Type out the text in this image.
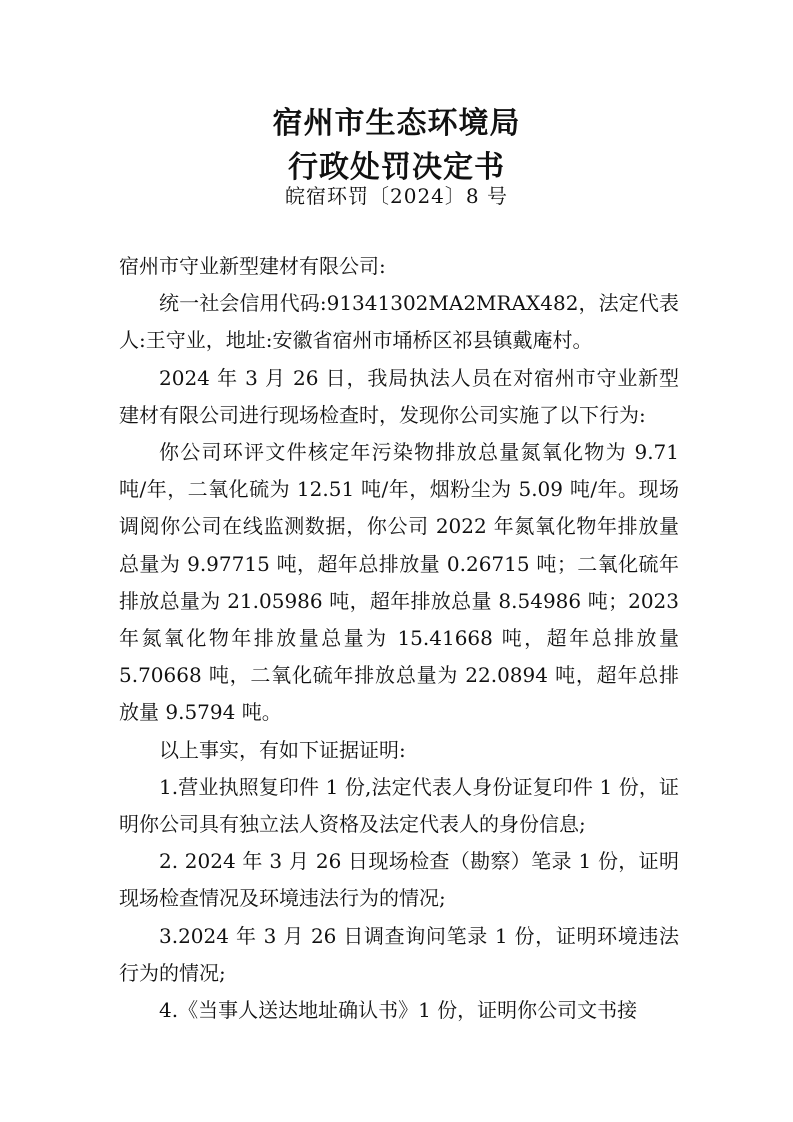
宿州市生态环境局
行政处罚决定书
皖宿环罚〔2024〕8 号

宿州市守业新型建材有限公司:

统一社会信用代码:91341302MA2MRAX482，法定代表人:王守业，地址:安徽省宿州市埇桥区祁县镇戴庵村。

2024 年 3 月 26 日，我局执法人员在对宿州市守业新型建材有限公司进行现场检查时，发现你公司实施了以下行为:

你公司环评文件核定年污染物排放总量氮氧化物为 9.71 吨/年，二氧化硫为 12.51 吨/年，烟粉尘为 5.09 吨/年。现场调阅你公司在线监测数据，你公司 2022 年氮氧化物年排放量总量为 9.97715 吨，超年总排放量 0.26715 吨；二氧化硫年排放总量为 21.05986 吨，超年排放总量 8.54986 吨；2023 年氮氧化物年排放量总量为 15.41668 吨，超年总排放量 5.70668 吨，二氧化硫年排放总量为 22.0894 吨，超年总排放量 9.5794 吨。

以上事实，有如下证据证明:

1.营业执照复印件 1 份,法定代表人身份证复印件 1 份，证明你公司具有独立法人资格及法定代表人的身份信息;

2. 2024 年 3 月 26 日现场检查（勘察）笔录 1 份，证明现场检查情况及环境违法行为的情况;

3.2024 年 3 月 26 日调查询问笔录 1 份，证明环境违法行为的情况;

4.《当事人送达地址确认书》1 份，证明你公司文书接
